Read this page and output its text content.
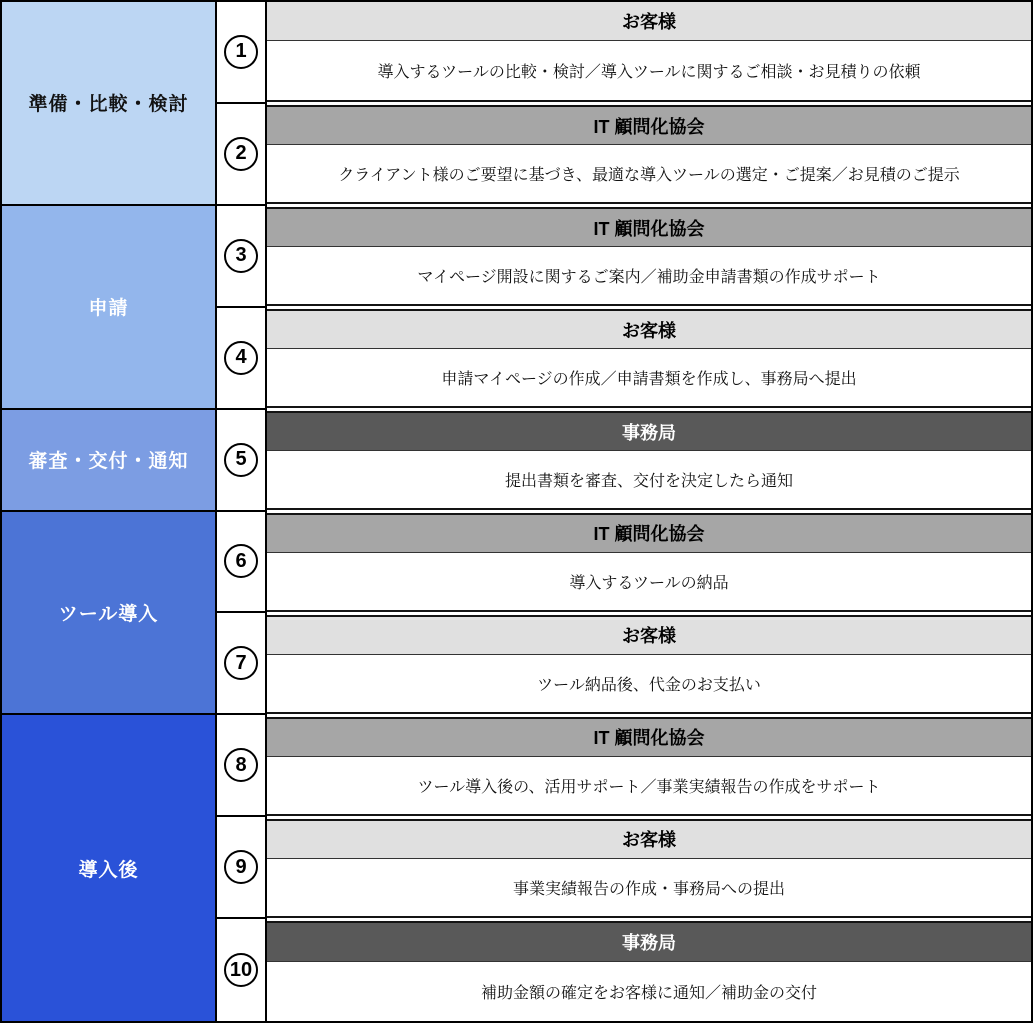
準備・比較・検討
申請
審査・交付・通知
ツール導入
導入後
1
お客様
導入するツールの比較・検討／導入ツールに関するご相談・お見積りの依頼
2
IT 顧問化協会
クライアント様のご要望に基づき、最適な導入ツールの選定・ご提案／お見積のご提示
3
IT 顧問化協会
マイページ開設に関するご案内／補助金申請書類の作成サポート
4
お客様
申請マイページの作成／申請書類を作成し、事務局へ提出
5
事務局
提出書類を審査、交付を決定したら通知
6
IT 顧問化協会
導入するツールの納品
7
お客様
ツール納品後、代金のお支払い
8
IT 顧問化協会
ツール導入後の、活用サポート／事業実績報告の作成をサポート
9
お客様
事業実績報告の作成・事務局への提出
10
事務局
補助金額の確定をお客様に通知／補助金の交付
